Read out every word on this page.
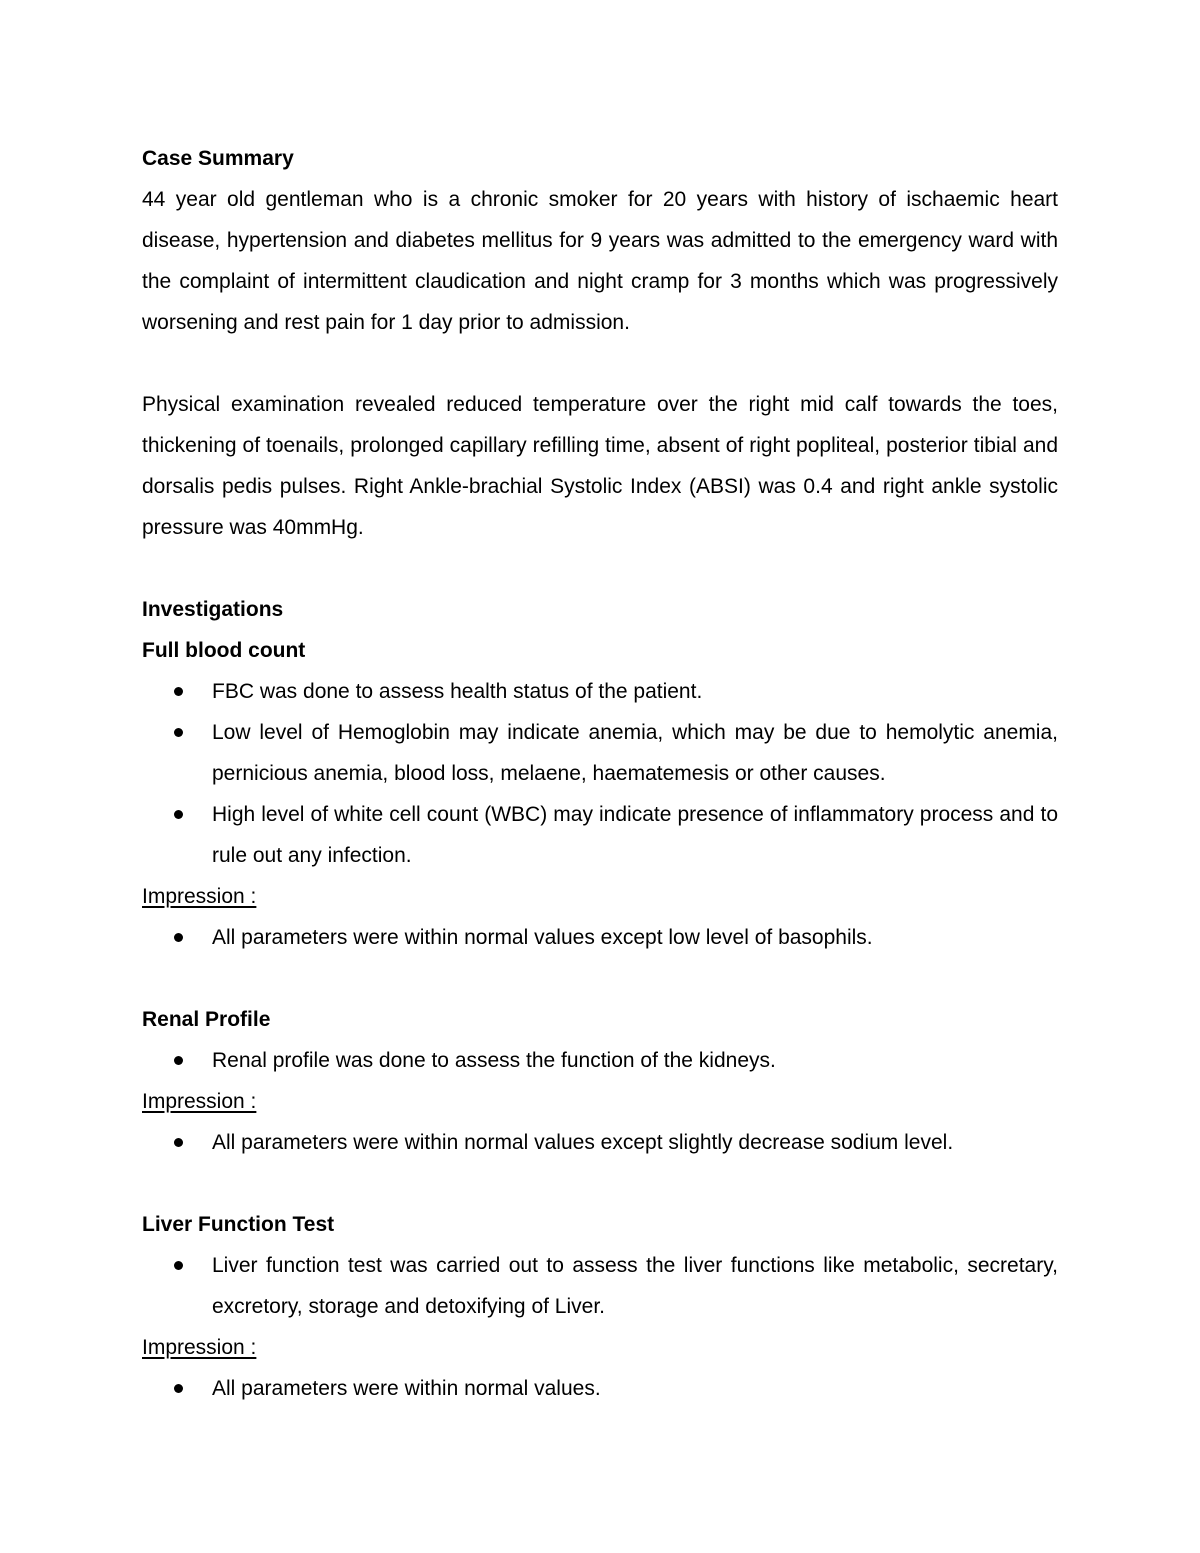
Case Summary

44 year old gentleman who is a chronic smoker for 20 years with history of ischaemic heart disease, hypertension and diabetes mellitus for 9 years was admitted to the emergency ward with the complaint of intermittent claudication and night cramp for 3 months which was progressively worsening and rest pain for 1 day prior to admission.

Physical examination revealed reduced temperature over the right mid calf towards the toes, thickening of toenails, prolonged capillary refilling time, absent of right popliteal, posterior tibial and dorsalis pedis pulses. Right Ankle-brachial Systolic Index (ABSI) was 0.4 and right ankle systolic pressure was 40mmHg.

Investigations

Full blood count

FBC was done to assess health status of the patient.
Low level of Hemoglobin may indicate anemia, which may be due to hemolytic anemia, pernicious anemia, blood loss, melaene, haematemesis or other causes.
High level of white cell count (WBC) may indicate presence of inflammatory process and to rule out any infection.

Impression :

All parameters were within normal values except low level of basophils.

Renal Profile

Renal profile was done to assess the function of the kidneys.

Impression :

All parameters were within normal values except slightly decrease sodium level.

Liver Function Test

Liver function test was carried out to assess the liver functions like metabolic, secretary, excretory, storage and detoxifying of Liver.

Impression :

All parameters were within normal values.
